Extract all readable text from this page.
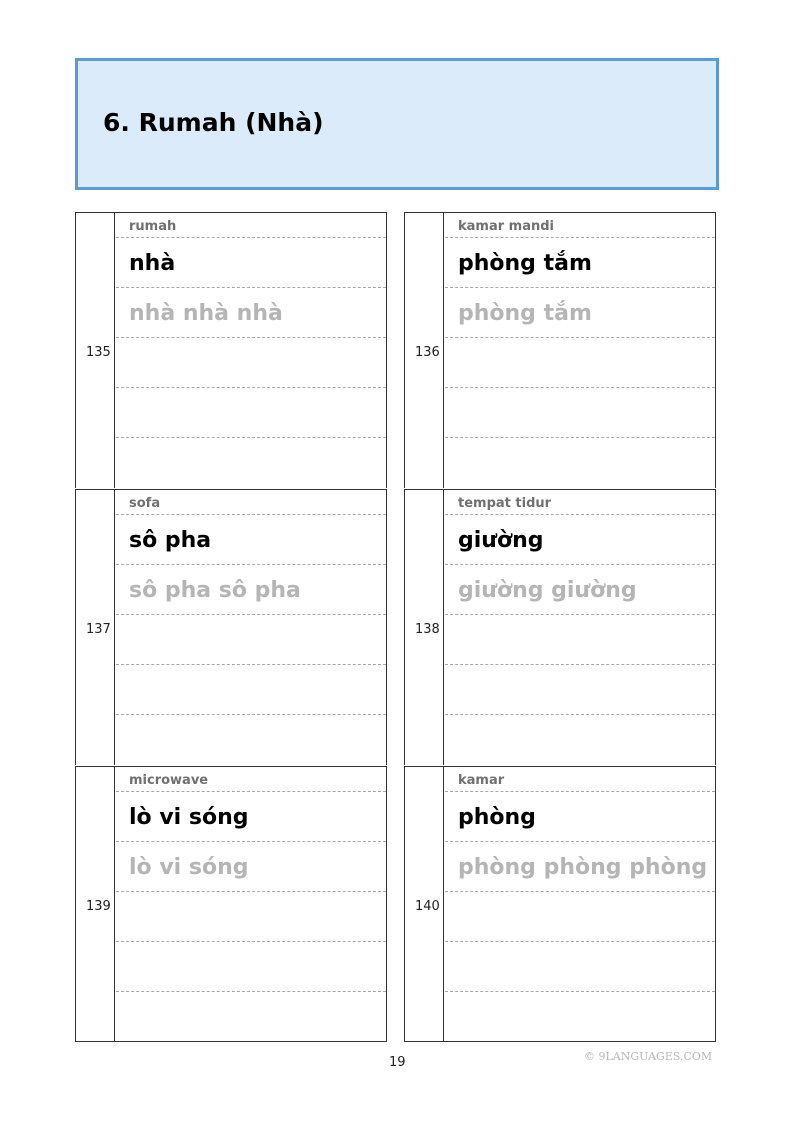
6. Rumah (Nhà)
135
rumah
nhà
nhà nhà nhà
136
kamar mandi
phòng tắm
phòng tắm
137
sofa
sô pha
sô pha sô pha
138
tempat tidur
giường
giường giường
139
microwave
lò vi sóng
lò vi sóng
140
kamar
phòng
phòng phòng phòng
19	© 9LANGUAGES.COM
